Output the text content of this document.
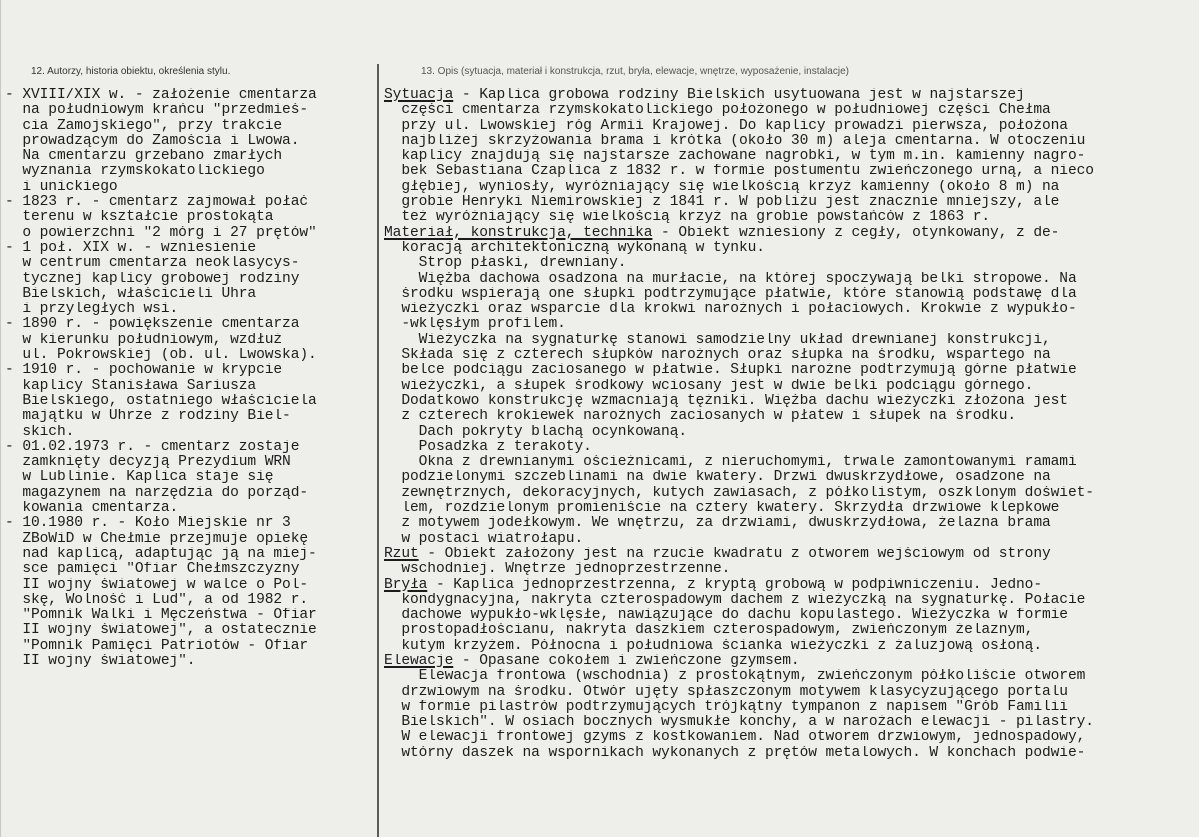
12. Autorzy, historia obiektu, określenia stylu.	13. Opis (sytuacja, materiał i konstrukcja, rzut, bryła, elewacje, wnętrze, wyposażenie, instalacje)
- XVIII/XIX w. - założenie cmentarza
na południowym krańcu "przedmieś-
cia Zamojskiego", przy trakcie
prowadzącym do Zamościa i Lwowa.
Na cmentarzu grzebano zmarłych
wyznania rzymskokatolickiego
i unickiego
- 1823 r. - cmentarz zajmował połać
terenu w kształcie prostokąta
o powierzchni "2 mórg i 27 prętów"
- 1 poł. XIX w. - wzniesienie
w centrum cmentarza neoklasycys-
tycznej kaplicy grobowej rodziny
Bielskich, właścicieli Uhra
i przyległych wsi.
- 1890 r. - powiększenie cmentarza
w kierunku południowym, wzdłuż
ul. Pokrowskiej (ob. ul. Lwowska).
- 1910 r. - pochowanie w krypcie
kaplicy Stanisława Sariusza
Bielskiego, ostatniego właściciela
majątku w Uhrze z rodziny Biel-
skich.
- 01.02.1973 r. - cmentarz zostaje
zamknięty decyzją Prezydium WRN
w Lublinie. Kaplica staje się
magazynem na narzędzia do porząd-
kowania cmentarza.
- 10.1980 r. - Koło Miejskie nr 3
ZBoWiD w Chełmie przejmuje opiekę
nad kaplicą, adaptując ją na miej-
sce pamięci "Ofiar Chełmszczyzny
II wojny światowej w walce o Pol-
skę, Wolność i Lud", a od 1982 r.
"Pomnik Walki i Męczeństwa - Ofiar
II wojny światowej", a ostatecznie
"Pomnik Pamięci Patriotów - Ofiar
II wojny światowej".
Sytuacja - Kaplica grobowa rodziny Bielskich usytuowana jest w najstarszej
części cmentarza rzymskokatolickiego położonego w południowej części Chełma
przy ul. Lwowskiej róg Armii Krajowej. Do kaplicy prowadzi pierwsza, położona
najbliżej skrzyżowania brama i krótka (około 30 m) aleja cmentarna. W otoczeniu
kaplicy znajdują się najstarsze zachowane nagrobki, w tym m.in. kamienny nagro-
bek Sebastiana Czaplica z 1832 r. w formie postumentu zwieńczonego urną, a nieco
głębiej, wyniosły, wyróżniający się wielkością krzyż kamienny (około 8 m) na
grobie Henryki Niemirowskiej z 1841 r. W pobliżu jest znacznie mniejszy, ale
też wyróżniający się wielkością krzyż na grobie powstańców z 1863 r.
Materiał, konstrukcja, technika - Obiekt wzniesiony z cegły, otynkowany, z de-
koracją architektoniczną wykonaną w tynku.
Strop płaski, drewniany.
Więźba dachowa osadzona na murłacie, na której spoczywają belki stropowe. Na
środku wspierają one słupki podtrzymujące płatwie, które stanowią podstawę dla
wieżyczki oraz wsparcie dla krokwi narożnych i połaciowych. Krokwie z wypukło-
-wklęsłym profilem.
Wieżyczka na sygnaturkę stanowi samodzielny układ drewnianej konstrukcji,
Składa się z czterech słupków narożnych oraz słupka na środku, wspartego na
belce podciągu zaciosanego w płatwie. Słupki narożne podtrzymują górne płatwie
wieżyczki, a słupek środkowy wciosany jest w dwie belki podciągu górnego.
Dodatkowo konstrukcję wzmacniają tężniki. Więźba dachu wieżyczki złożona jest
z czterech krokiewek narożnych zaciosanych w płatew i słupek na środku.
Dach pokryty blachą ocynkowaną.
Posadzka z terakoty.
Okna z drewnianymi ościeżnicami, z nieruchomymi, trwale zamontowanymi ramami
podzielonymi szczeblinami na dwie kwatery. Drzwi dwuskrzydłowe, osadzone na
zewnętrznych, dekoracyjnych, kutych zawiasach, z półkolistym, oszklonym doświet-
lem, rozdzielonym promieniście na cztery kwatery. Skrzydła drzwiowe klepkowe
z motywem jodełkowym. We wnętrzu, za drzwiami, dwuskrzydłowa, żelazna brama
w postaci wiatrołapu.
Rzut - Obiekt założony jest na rzucie kwadratu z otworem wejściowym od strony
wschodniej. Wnętrze jednoprzestrzenne.
Bryła - Kaplica jednoprzestrzenna, z kryptą grobową w podpiwniczeniu. Jedno-
kondygnacyjna, nakryta czterospadowym dachem z wieżyczką na sygnaturkę. Połacie
dachowe wypukło-wklęsłe, nawiązujące do dachu kopulastego. Wieżyczka w formie
prostopadłościanu, nakryta daszkiem czterospadowym, zwieńczonym żelaznym,
kutym krzyżem. Północna i południowa ścianka wieżyczki z żaluzjową osłoną.
Elewacje - Opasane cokołem i zwieńczone gzymsem.
Elewacja frontowa (wschodnia) z prostokątnym, zwieńczonym półkoliście otworem
drzwiowym na środku. Otwór ujęty spłaszczonym motywem klasycyzującego portalu
w formie pilastrów podtrzymujących trójkątny tympanon z napisem "Grób Familii
Bielskich". W osiach bocznych wysmukłe konchy, a w narożach elewacji - pilastry.
W elewacji frontowej gzyms z kostkowaniem. Nad otworem drzwiowym, jednospadowy,
wtórny daszek na wspornikach wykonanych z prętów metalowych. W konchach podwie-
